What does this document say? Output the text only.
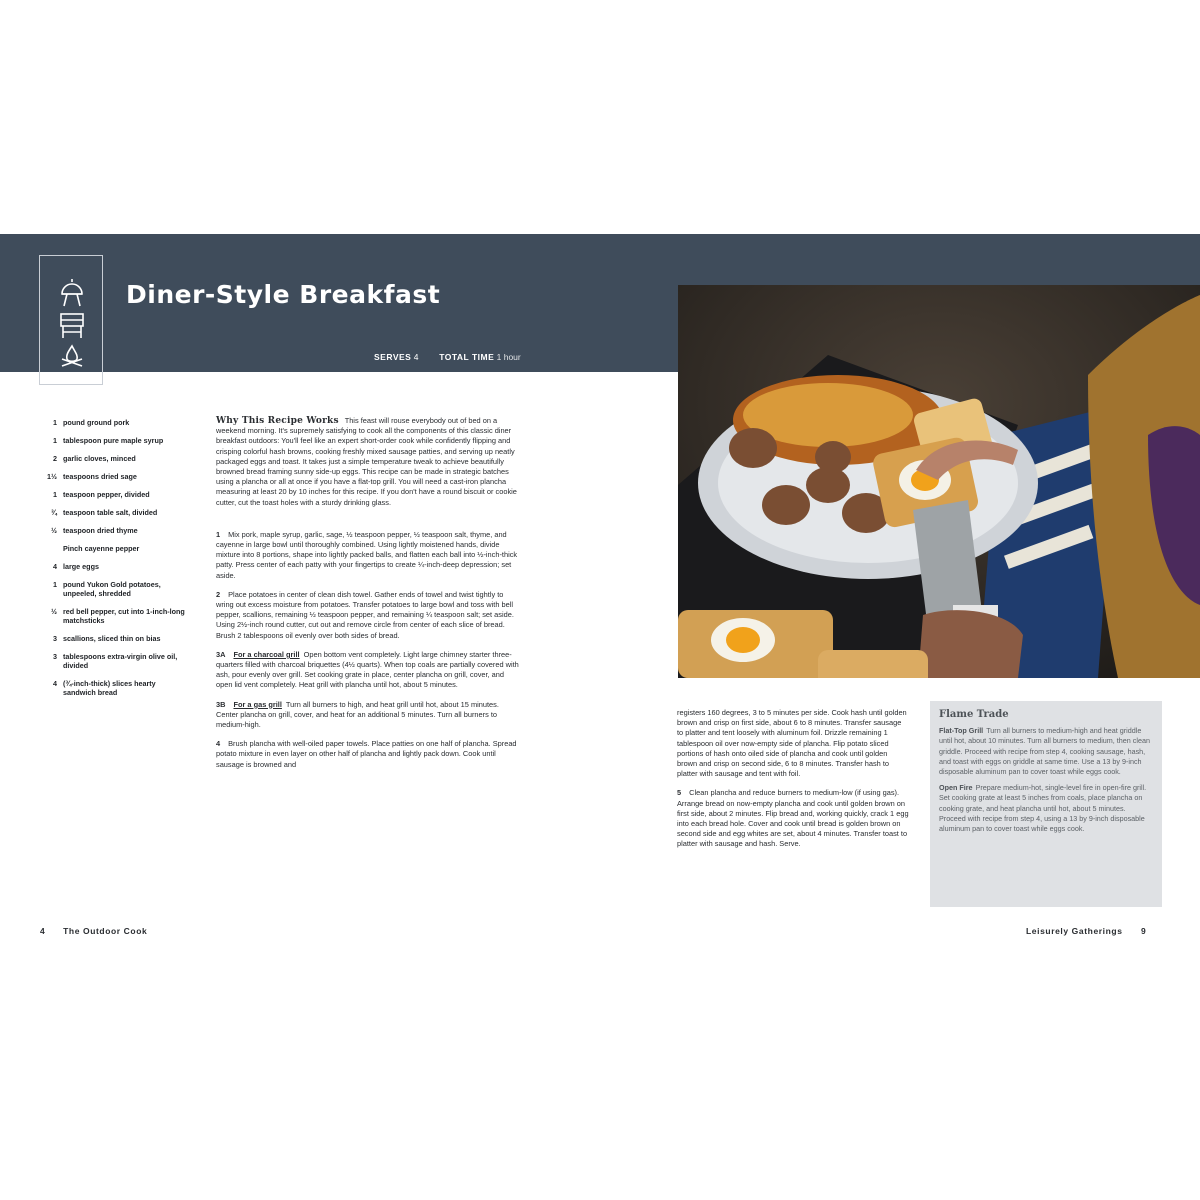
Diner-Style Breakfast
SERVES 4 TOTAL TIME 1 hour
1 pound ground pork
1 tablespoon pure maple syrup
2 garlic cloves, minced
1½ teaspoons dried sage
1 teaspoon pepper, divided
¾ teaspoon table salt, divided
½ teaspoon dried thyme
Pinch cayenne pepper
4 large eggs
1 pound Yukon Gold potatoes, unpeeled, shredded
½ red bell pepper, cut into 1-inch-long matchsticks
3 scallions, sliced thin on bias
3 tablespoons extra-virgin olive oil, divided
4 (¾-inch-thick) slices hearty sandwich bread

Why This Recipe Works This feast will rouse everybody out of bed on a weekend morning. It's supremely satisfying to cook all the components of this classic diner breakfast outdoors: You'll feel like an expert short-order cook while confidently flipping and crisping colorful hash browns, cooking freshly mixed sausage patties, and serving up neatly packaged eggs and toast. It takes just a simple temperature tweak to achieve beautifully browned bread framing sunny side-up eggs. This recipe can be made in strategic batches using a plancha or all at once if you have a flat-top grill. You will need a cast-iron plancha measuring at least 20 by 10 inches for this recipe. If you don't have a round biscuit or cookie cutter, cut the toast holes with a sturdy drinking glass.

1 Mix pork, maple syrup, garlic, sage, ½ teaspoon pepper, ½ teaspoon salt, thyme, and cayenne in large bowl until thoroughly combined. Using lightly moistened hands, divide mixture into 8 portions, shape into lightly packed balls, and flatten each ball into ½-inch-thick patty. Press center of each patty with your fingertips to create ¼-inch-deep depression; set aside.

2 Place potatoes in center of clean dish towel. Gather ends of towel and twist tightly to wring out excess moisture from potatoes. Transfer potatoes to large bowl and toss with bell pepper, scallions, remaining ½ teaspoon pepper, and remaining ¼ teaspoon salt; set aside. Using 2½-inch round cutter, cut out and remove circle from center of each slice of bread. Brush 2 tablespoons oil evenly over both sides of bread.

3A For a charcoal grill Open bottom vent completely. Light large chimney starter three-quarters filled with charcoal briquettes (4½ quarts). When top coals are partially covered with ash, pour evenly over grill. Set cooking grate in place, center plancha on grill, cover, and open lid vent completely. Heat grill with plancha until hot, about 5 minutes.

3B For a gas grill Turn all burners to high, and heat grill until hot, about 15 minutes. Center plancha on grill, cover, and heat for an additional 5 minutes. Turn all burners to medium-high.

4 Brush plancha with well-oiled paper towels. Place patties on one half of plancha. Spread potato mixture in even layer on other half of plancha and lightly pack down. Cook until sausage is browned and

registers 160 degrees, 3 to 5 minutes per side. Cook hash until golden brown and crisp on first side, about 6 to 8 minutes. Transfer sausage to platter and tent loosely with aluminum foil. Drizzle remaining 1 tablespoon oil over now-empty side of plancha. Flip potato sliced portions of hash onto oiled side of plancha and cook until golden brown and crisp on second side, 6 to 8 minutes. Transfer hash to platter with sausage and tent with foil.

5 Clean plancha and reduce burners to medium-low (if using gas). Arrange bread on now-empty plancha and cook until golden brown on first side, about 2 minutes. Flip bread and, working quickly, crack 1 egg into each bread hole. Cover and cook until bread is golden brown on second side and egg whites are set, about 4 minutes. Transfer toast to platter with sausage and hash. Serve.

Flame Trade

Flat-Top Grill Turn all burners to medium-high and heat griddle until hot, about 10 minutes. Turn all burners to medium, then clean griddle. Proceed with recipe from step 4, cooking sausage, hash, and toast with eggs on griddle at same time. Use a 13 by 9-inch disposable aluminum pan to cover toast while eggs cook.

Open Fire Prepare medium-hot, single-level fire in open-fire grill. Set cooking grate at least 5 inches from coals, place plancha on cooking grate, and heat plancha until hot, about 5 minutes. Proceed with recipe from step 4, using a 13 by 9-inch disposable aluminum pan to cover toast while eggs cook.

4 The Outdoor Cook	Leisurely Gatherings 9
